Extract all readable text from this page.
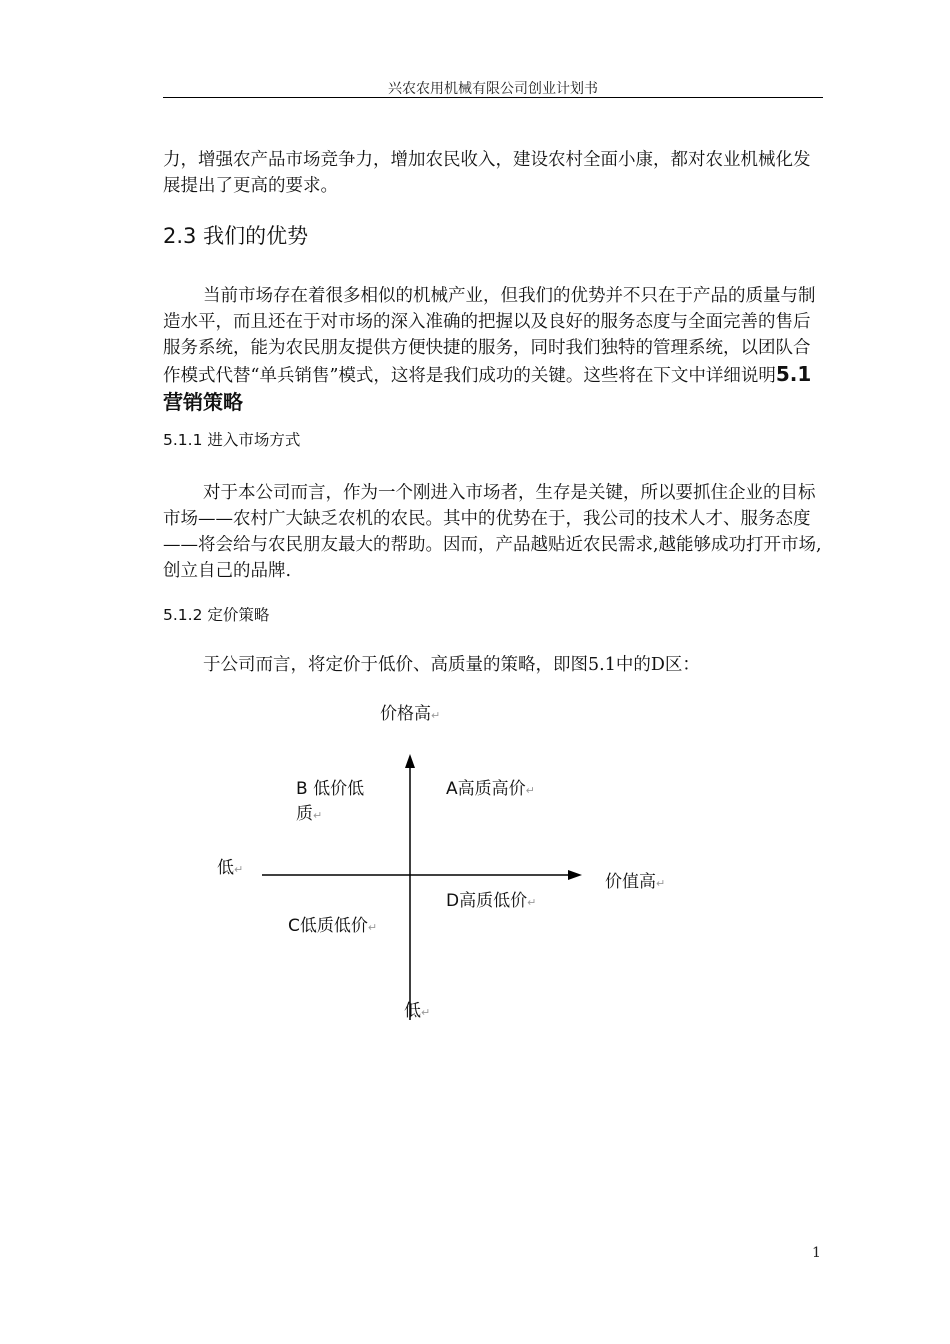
兴农农用机械有限公司创业计划书

力，增强农产品市场竞争力，增加农民收入，建设农村全面小康，都对农业机械化发展提出了更高的要求。

2.3 我们的优势

当前市场存在着很多相似的机械产业，但我们的优势并不只在于产品的质量与制造水平，而且还在于对市场的深入准确的把握以及良好的服务态度与全面完善的售后服务系统，能为农民朋友提供方便快捷的服务，同时我们独特的管理系统，以团队合作模式代替“单兵销售”模式，这将是我们成功的关键。这些将在下文中详细说明5.1 营销策略

5.1.1 进入市场方式

对于本公司而言，作为一个刚进入市场者，生存是关键，所以要抓住企业的目标市场——农村广大缺乏农机的农民。其中的优势在于，我公司的技术人才、服务态度——将会给与农民朋友最大的帮助。因而，产品越贴近农民需求,越能够成功打开市场,创立自己的品牌.

5.1.2 定价策略

于公司而言，将定价于低价、高质量的策略，即图5.1中的D区：

价格高↵
B 低价低
质↵
A高质高价↵
低↵
价值高↵
D高质低价↵
C低质低价↵
低↵
1
